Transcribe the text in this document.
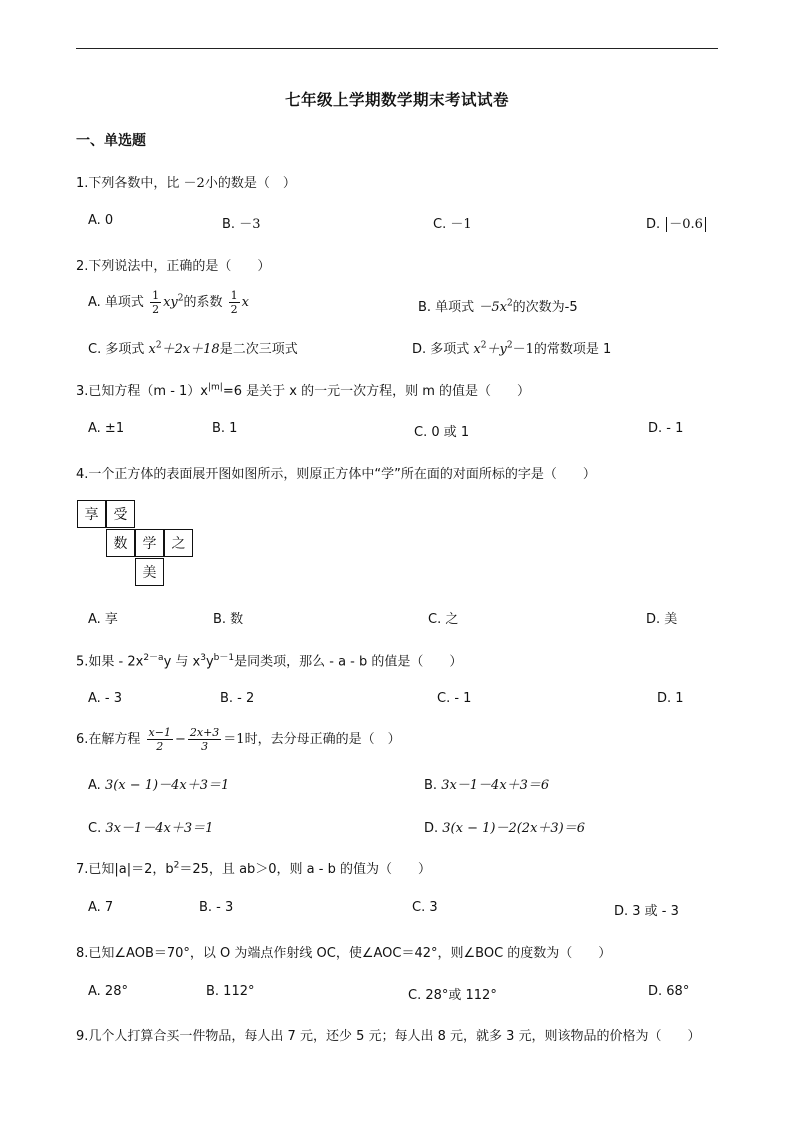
七年级上学期数学期末考试试卷
一、单选题
1.下列各数中，比 －2小的数是（　）
A. 0	B. －3	C. －1	D. －0.6
2.下列说法中，正确的是（　　）
A. 单项式 $\frac{1}{2} xy^2$的系数 $\frac{1}{2}$ x	B. 单项式 $-5x^2$的次数为-5
C. 多项式 $x^2+2x+18$是二次三项式	D. 多项式 $x^2+y^2-1$的常数项是 1
3.已知方程$(m - 1)x^{|m|}=6$ 是关于 x 的一元一次方程，则 m 的值是（　　）
A. ±1	B. 1	C. 0 或 1	D. - 1
4.一个正方体的表面展开图如图所示，则原正方体中“学”所在面的对面所标的字是（　　）
享	受
数	学	之
美
A. 享	B. 数	C. 之	D. 美
5.如果 - $2x^{2-a}y$ 与 $x^3y^{b-1}$是同类项，那么 - a - b 的值是（　　）
A. - 3	B. - 2	C. - 1	D. 1
6.在解方程 $\frac{x-1}{2} - \frac{2x+3}{3} =1$时，去分母正确的是（　）
A. 3(x − 1)－4x＋3＝1	B. 3x－1－4x＋3＝6
C. 3x－1－4x＋3＝1	D. 3(x − 1)－2(2x＋3)＝6
7.已知|a|＝2，$b^2=25$，且 ab＞0，则 a - b 的值为（　　）
A. 7	B. - 3	C. 3	D. 3 或 - 3
8.已知∠AOB＝70°，以 O 为端点作射线 OC，使∠AOC＝42°，则∠BOC 的度数为（　　）
A. 28°	B. 112°	C. 28°或 112°	D. 68°
9.几个人打算合买一件物品，每人出 7 元，还少 5 元；每人出 8 元，就多 3 元，则该物品的价格为（　　）
